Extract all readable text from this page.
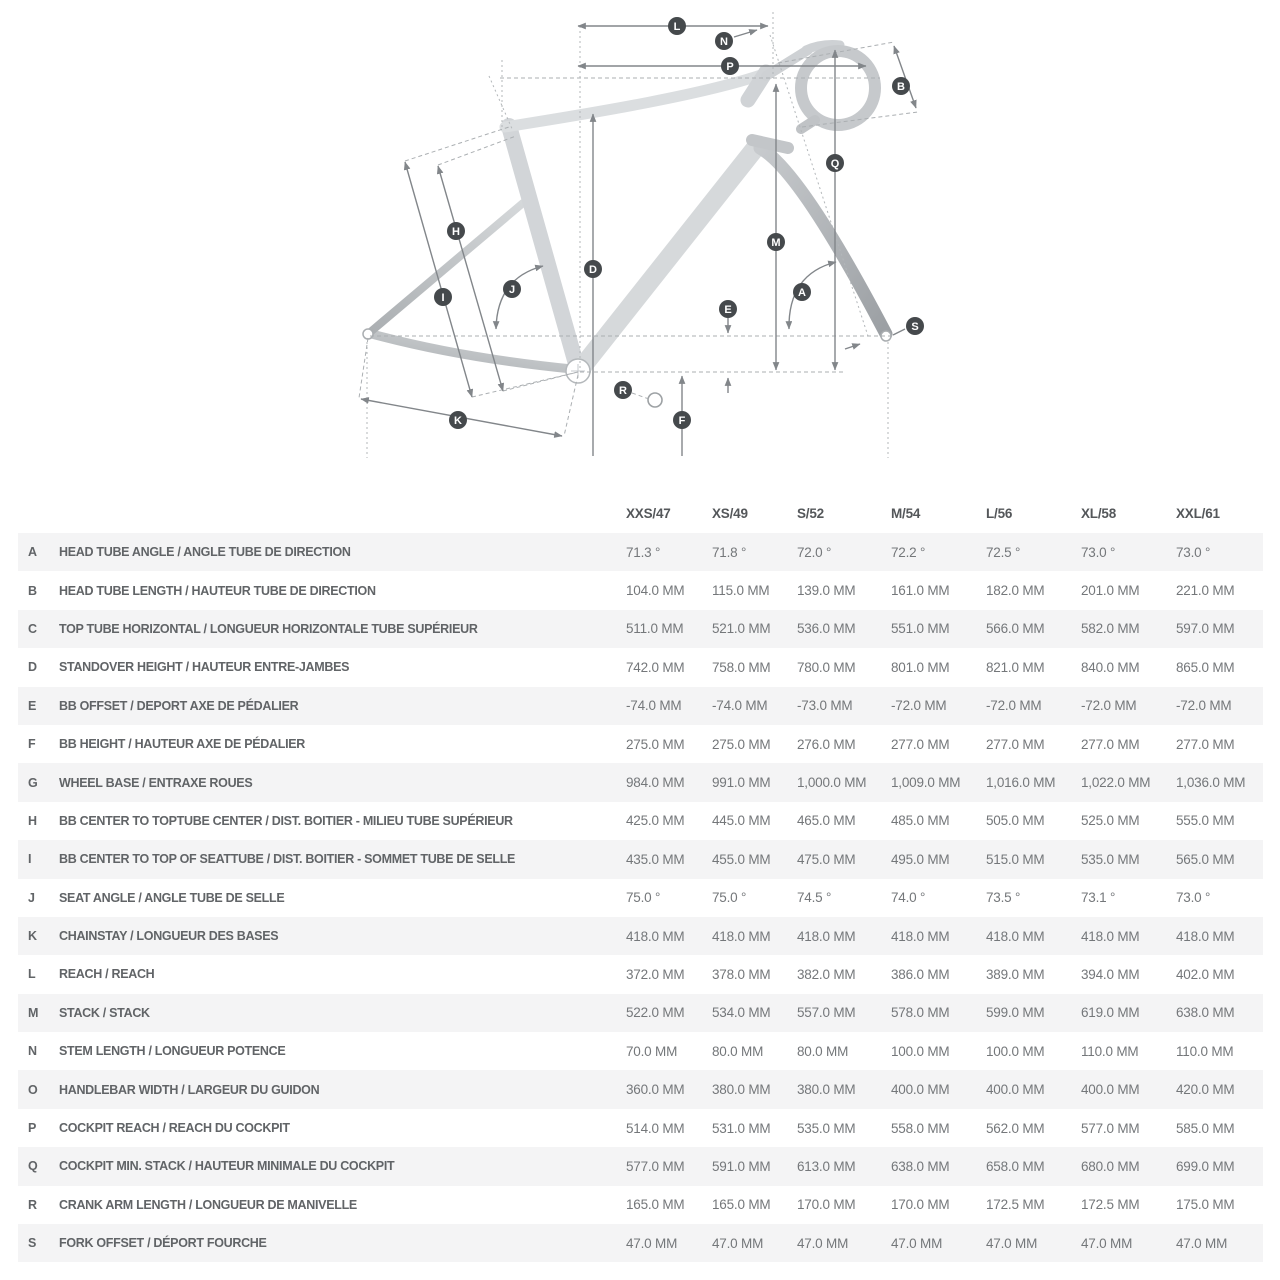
L
N
P
B
Q
M
A
E
S
H
D
I
J
R
F
K
		XXS/47	XS/49	S/52	M/54	L/56	XL/58	XXL/61
A	HEAD TUBE ANGLE / ANGLE TUBE DE DIRECTION	71.3 °	71.8 °	72.0 °	72.2 °	72.5 °	73.0 °	73.0 °
B	HEAD TUBE LENGTH / HAUTEUR TUBE DE DIRECTION	104.0 MM	115.0 MM	139.0 MM	161.0 MM	182.0 MM	201.0 MM	221.0 MM
C	TOP TUBE HORIZONTAL / LONGUEUR HORIZONTALE TUBE SUPÉRIEUR	511.0 MM	521.0 MM	536.0 MM	551.0 MM	566.0 MM	582.0 MM	597.0 MM
D	STANDOVER HEIGHT / HAUTEUR ENTRE-JAMBES	742.0 MM	758.0 MM	780.0 MM	801.0 MM	821.0 MM	840.0 MM	865.0 MM
E	BB OFFSET / DEPORT AXE DE PÉDALIER	-74.0 MM	-74.0 MM	-73.0 MM	-72.0 MM	-72.0 MM	-72.0 MM	-72.0 MM
F	BB HEIGHT / HAUTEUR AXE DE PÉDALIER	275.0 MM	275.0 MM	276.0 MM	277.0 MM	277.0 MM	277.0 MM	277.0 MM
G	WHEEL BASE / ENTRAXE ROUES	984.0 MM	991.0 MM	1,000.0 MM	1,009.0 MM	1,016.0 MM	1,022.0 MM	1,036.0 MM
H	BB CENTER TO TOPTUBE CENTER / DIST. BOITIER - MILIEU TUBE SUPÉRIEUR	425.0 MM	445.0 MM	465.0 MM	485.0 MM	505.0 MM	525.0 MM	555.0 MM
I	BB CENTER TO TOP OF SEATTUBE / DIST. BOITIER - SOMMET TUBE DE SELLE	435.0 MM	455.0 MM	475.0 MM	495.0 MM	515.0 MM	535.0 MM	565.0 MM
J	SEAT ANGLE / ANGLE TUBE DE SELLE	75.0 °	75.0 °	74.5 °	74.0 °	73.5 °	73.1 °	73.0 °
K	CHAINSTAY / LONGUEUR DES BASES	418.0 MM	418.0 MM	418.0 MM	418.0 MM	418.0 MM	418.0 MM	418.0 MM
L	REACH / REACH	372.0 MM	378.0 MM	382.0 MM	386.0 MM	389.0 MM	394.0 MM	402.0 MM
M	STACK / STACK	522.0 MM	534.0 MM	557.0 MM	578.0 MM	599.0 MM	619.0 MM	638.0 MM
N	STEM LENGTH / LONGUEUR POTENCE	70.0 MM	80.0 MM	80.0 MM	100.0 MM	100.0 MM	110.0 MM	110.0 MM
O	HANDLEBAR WIDTH / LARGEUR DU GUIDON	360.0 MM	380.0 MM	380.0 MM	400.0 MM	400.0 MM	400.0 MM	420.0 MM
P	COCKPIT REACH / REACH DU COCKPIT	514.0 MM	531.0 MM	535.0 MM	558.0 MM	562.0 MM	577.0 MM	585.0 MM
Q	COCKPIT MIN. STACK / HAUTEUR MINIMALE DU COCKPIT	577.0 MM	591.0 MM	613.0 MM	638.0 MM	658.0 MM	680.0 MM	699.0 MM
R	CRANK ARM LENGTH / LONGUEUR DE MANIVELLE	165.0 MM	165.0 MM	170.0 MM	170.0 MM	172.5 MM	172.5 MM	175.0 MM
S	FORK OFFSET / DÉPORT FOURCHE	47.0 MM	47.0 MM	47.0 MM	47.0 MM	47.0 MM	47.0 MM	47.0 MM
